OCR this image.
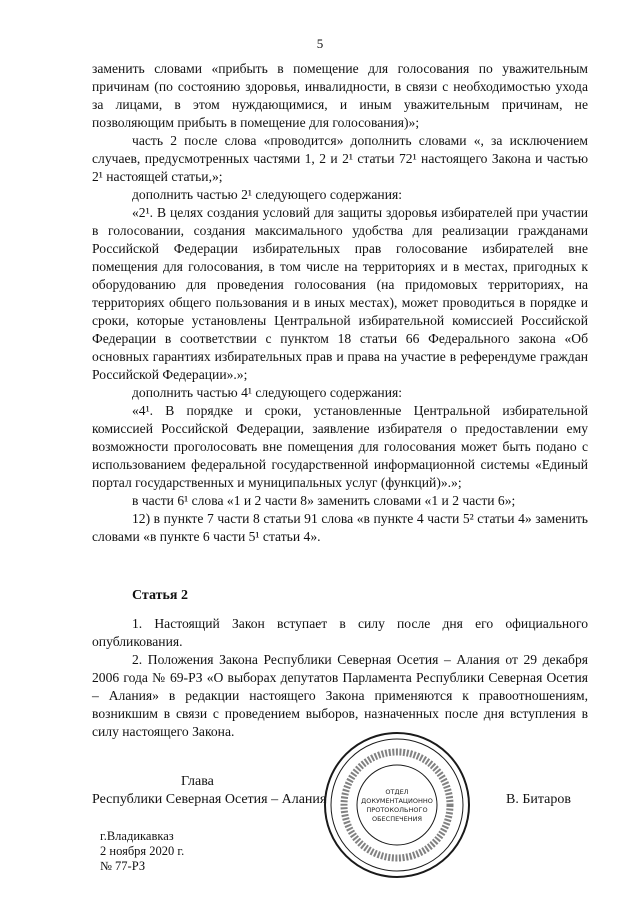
5

заменить словами «прибыть в помещение для голосования по уважительным причинам (по состоянию здоровья, инвалидности, в связи с необходимостью ухода за лицами, в этом нуждающимися, и иным уважительным причинам, не позволяющим прибыть в помещение для голосования)»;

часть 2 после слова «проводится» дополнить словами «, за исключением случаев, предусмотренных частями 1, 2 и 2¹ статьи 72¹ настоящего Закона и частью 2¹ настоящей статьи,»;

дополнить частью 2¹ следующего содержания:

«2¹. В целях создания условий для защиты здоровья избирателей при участии в голосовании, создания максимального удобства для реализации гражданами Российской Федерации избирательных прав голосование избирателей вне помещения для голосования, в том числе на территориях и в местах, пригодных к оборудованию для проведения голосования (на придомовых территориях, на территориях общего пользования и в иных местах), может проводиться в порядке и сроки, которые установлены Центральной избирательной комиссией Российской Федерации в соответствии с пунктом 18 статьи 66 Федерального закона «Об основных гарантиях избирательных прав и права на участие в референдуме граждан Российской Федерации».»;

дополнить частью 4¹ следующего содержания:

«4¹. В порядке и сроки, установленные Центральной избирательной комиссией Российской Федерации, заявление избирателя о предоставлении ему возможности проголосовать вне помещения для голосования может быть подано с использованием федеральной государственной информационной системы «Единый портал государственных и муниципальных услуг (функций)».»;

в части 6¹ слова «1 и 2 части 8» заменить словами «1 и 2 части 6»;

12) в пункте 7 части 8 статьи 91 слова «в пункте 4 части 5² статьи 4» заменить словами «в пункте 6 части 5¹ статьи 4».

Статья 2

1. Настоящий Закон вступает в силу после дня его официального опубликования.

2. Положения Закона Республики Северная Осетия – Алания от 29 декабря 2006 года № 69-РЗ «О выборах депутатов Парламента Республики Северная Осетия – Алания» в редакции настоящего Закона применяются к правоотношениям, возникшим в связи с проведением выборов, назначенных после дня вступления в силу настоящего Закона.

Глава
Республики Северная Осетия – Алания	В. Битаров
ОТДЕЛ
ДОКУМЕНТАЦИОННО
ПРОТОКОЛЬНОГО
ОБЕСПЕЧЕНИЯ
г.Владикавказ
2 ноября 2020 г.
№ 77-РЗ
